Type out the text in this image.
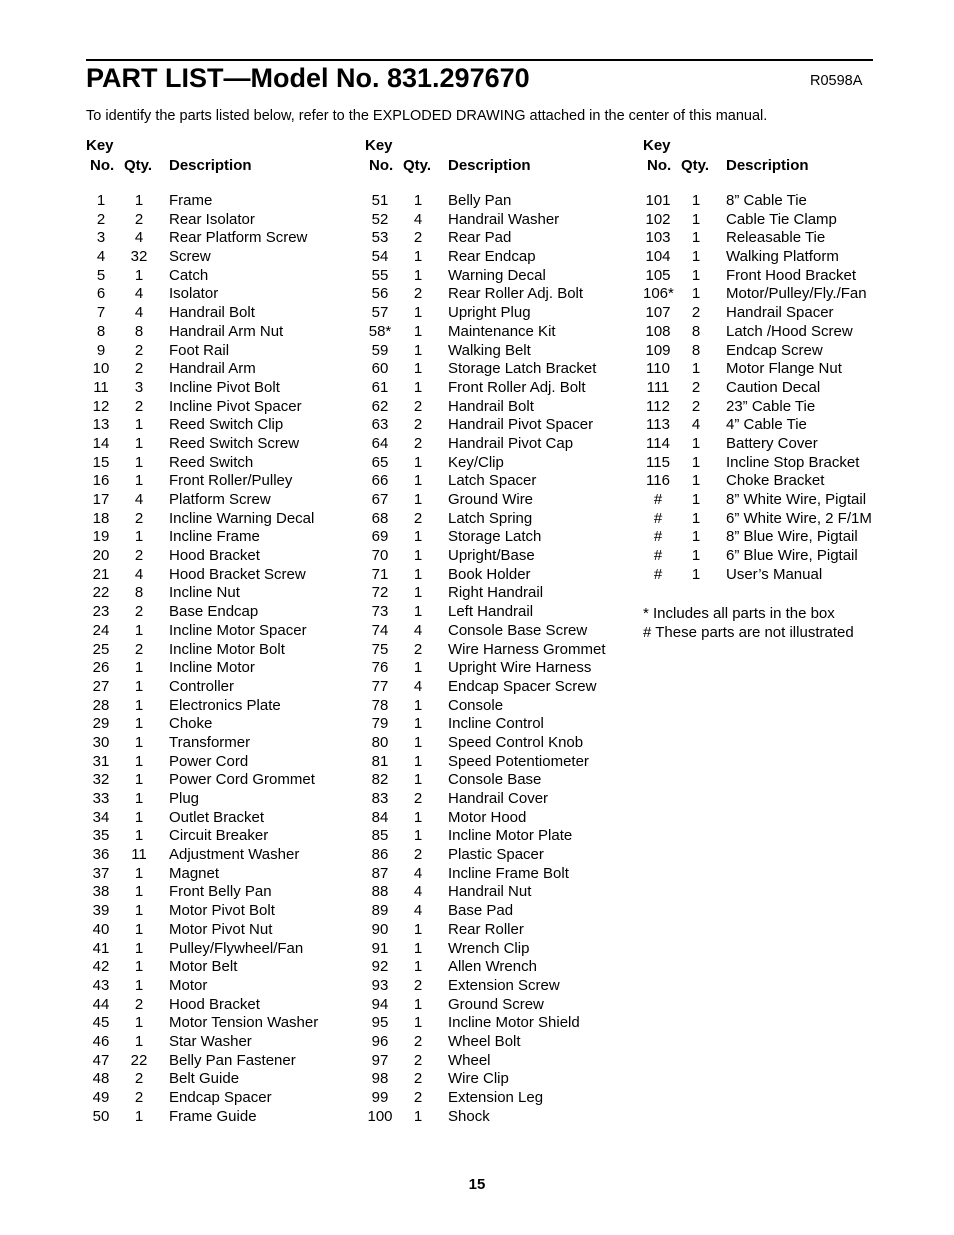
PART LIST—Model No. 831.297670	R0598A
To identify the parts listed below, refer to the EXPLODED DRAWING attached in the center of this manual.
Key
No. Qty. Description
1	1	Frame
2	2	Rear Isolator
3	4	Rear Platform Screw
4	32 Screw
5	1	Catch
6	4	Isolator
7	4	Handrail Bolt
8	8	Handrail Arm Nut
9	2	Foot Rail
10	2	Handrail Arm
11	3	Incline Pivot Bolt
12	2	Incline Pivot Spacer
13	1	Reed Switch Clip
14	1	Reed Switch Screw
15	1	Reed Switch
16	1	Front Roller/Pulley
17	4	Platform Screw
18	2	Incline Warning Decal
19	1	Incline Frame
20	2	Hood Bracket
21	4	Hood Bracket Screw
22	8	Incline Nut
23	2	Base Endcap
24	1	Incline Motor Spacer
25	2	Incline Motor Bolt
26	1	Incline Motor
27	1	Controller
28	1	Electronics Plate
29	1	Choke
30	1	Transformer
31	1	Power Cord
32	1	Power Cord Grommet
33	1	Plug
34	1	Outlet Bracket
35	1	Circuit Breaker
36	11 Adjustment Washer
37	1	Magnet
38	1	Front Belly Pan
39	1	Motor Pivot Bolt
40	1	Motor Pivot Nut
41	1	Pulley/Flywheel/Fan
42	1	Motor Belt
43	1	Motor
44	2	Hood Bracket
45	1	Motor Tension Washer
46	1	Star Washer
47	22 Belly Pan Fastener
48	2	Belt Guide
49	2	Endcap Spacer
50	1	Frame Guide
Key
No. Qty. Description
51	1	Belly Pan
52	4	Handrail Washer
53	2	Rear Pad
54	1	Rear Endcap
55	1	Warning Decal
56	2	Rear Roller Adj. Bolt
57	1	Upright Plug
58*	1	Maintenance Kit
59	1	Walking Belt
60	1	Storage Latch Bracket
61	1	Front Roller Adj. Bolt
62	2	Handrail Bolt
63	2	Handrail Pivot Spacer
64	2	Handrail Pivot Cap
65	1	Key/Clip
66	1	Latch Spacer
67	1	Ground Wire
68	2	Latch Spring
69	1	Storage Latch
70	1	Upright/Base
71	1	Book Holder
72	1	Right Handrail
73	1	Left Handrail
74	4	Console Base Screw
75	2	Wire Harness Grommet
76	1	Upright Wire Harness
77	4	Endcap Spacer Screw
78	1	Console
79	1	Incline Control
80	1	Speed Control Knob
81	1	Speed Potentiometer
82	1	Console Base
83	2	Handrail Cover
84	1	Motor Hood
85	1	Incline Motor Plate
86	2	Plastic Spacer
87	4	Incline Frame Bolt
88	4	Handrail Nut
89	4	Base Pad
90	1	Rear Roller
91	1	Wrench Clip
92	1	Allen Wrench
93	2	Extension Screw
94	1	Ground Screw
95	1	Incline Motor Shield
96	2	Wheel Bolt
97	2	Wheel
98	2	Wire Clip
99	2	Extension Leg
100	1	Shock
Key
No. Qty. Description
101	1	8” Cable Tie
102	1	Cable Tie Clamp
103	1	Releasable Tie
104	1	Walking Platform
105	1	Front Hood Bracket
106*	1	Motor/Pulley/Fly./Fan
107	2	Handrail Spacer
108	8	Latch /Hood Screw
109	8	Endcap Screw
110	1	Motor Flange Nut
111	2	Caution Decal
112	2	23” Cable Tie
113	4	4” Cable Tie
114	1	Battery Cover
115	1	Incline Stop Bracket
116	1	Choke Bracket
#	1	8” White Wire, Pigtail
#	1	6” White Wire, 2 F/1M
#	1	8” Blue Wire, Pigtail
#	1	6” Blue Wire, Pigtail
#	1	User’s Manual
* Includes all parts in the box
# These parts are not illustrated
15
